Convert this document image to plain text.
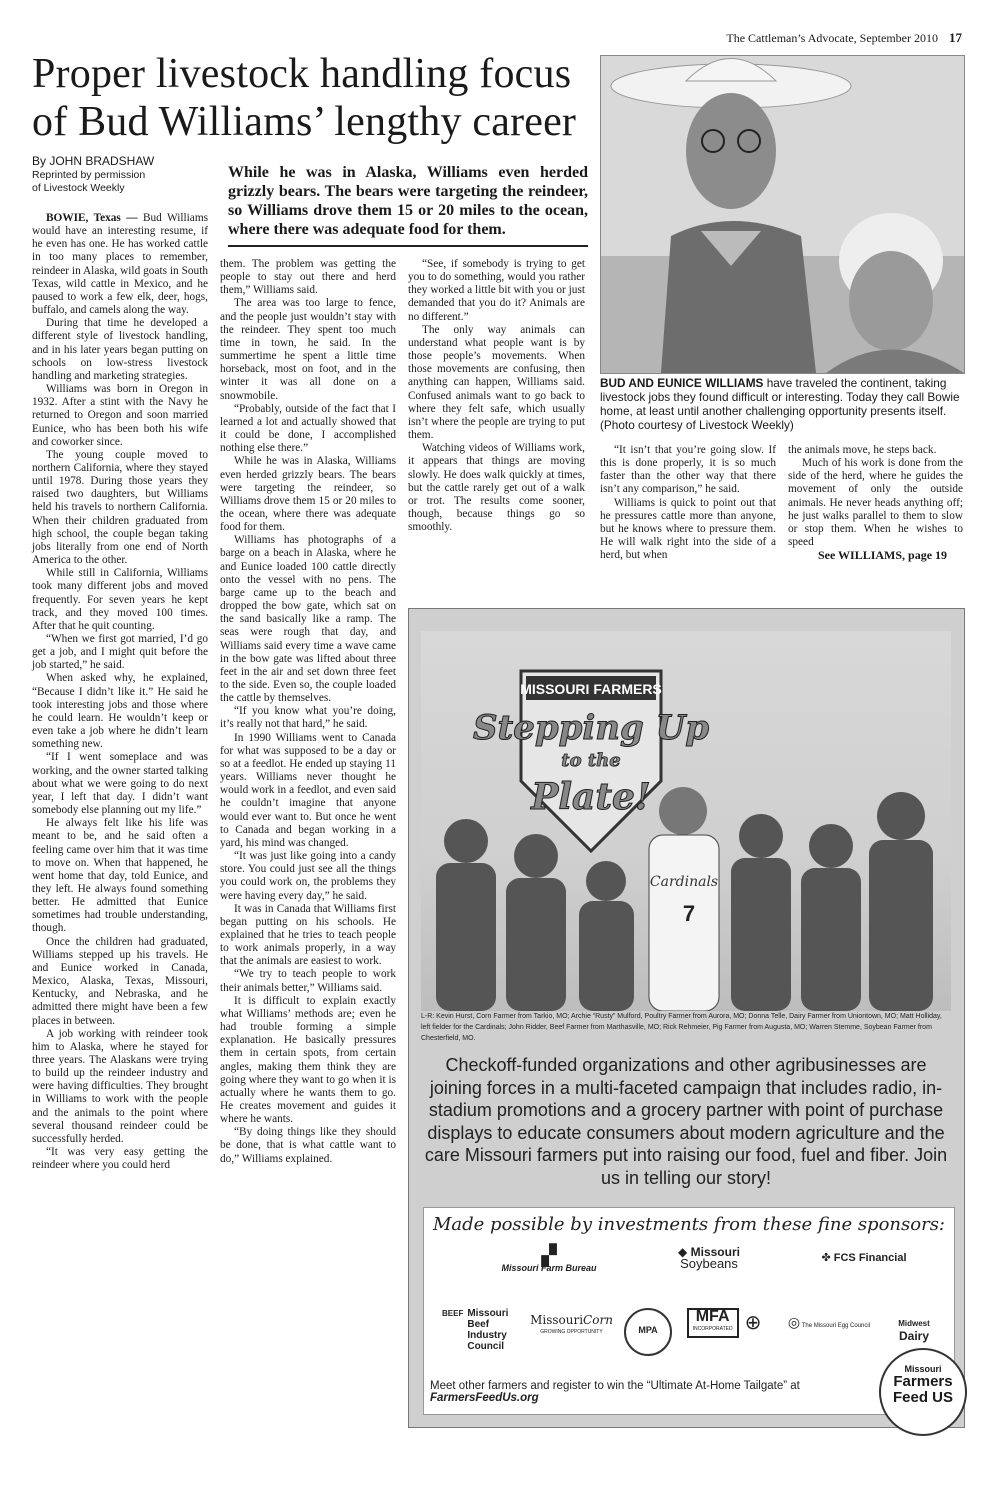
The Cattleman’s Advocate, September 2010 17
Proper livestock handling focus
of Bud Williams’ lengthy career
By JOHN BRADSHAW
Reprinted by permission
of Livestock Weekly
While he was in Alaska, Williams even herded grizzly bears. The bears were targeting the reindeer, so Williams drove them 15 or 20 miles to the ocean, where there was adequate food for them.

BOWIE, Texas — Bud Williams would have an interesting resume, if he even has one. He has worked cattle in too many places to remember, reindeer in Alaska, wild goats in South Texas, wild cattle in Mexico, and he paused to work a few elk, deer, hogs, buffalo, and camels along the way.

During that time he developed a different style of livestock handling, and in his later years began putting on schools on low-stress livestock handling and marketing strategies.

Williams was born in Oregon in 1932. After a stint with the Navy he returned to Oregon and soon married Eunice, who has been both his wife and coworker since.

The young couple moved to northern California, where they stayed until 1978. During those years they raised two daughters, but Williams held his travels to northern California. When their children graduated from high school, the couple began taking jobs literally from one end of North America to the other.

While still in California, Williams took many different jobs and moved frequently. For seven years he kept track, and they moved 100 times. After that he quit counting.

“When we first got married, I’d go get a job, and I might quit before the job started,” he said.

When asked why, he explained, “Because I didn’t like it.” He said he took interesting jobs and those where he could learn. He wouldn’t keep or even take a job where he didn’t learn something new.

“If I went someplace and was working, and the owner started talking about what we were going to do next year, I left that day. I didn’t want somebody else planning out my life.”

He always felt like his life was meant to be, and he said often a feeling came over him that it was time to move on. When that happened, he went home that day, told Eunice, and they left. He always found something better. He admitted that Eunice sometimes had trouble understanding, though.

Once the children had graduated, Williams stepped up his travels. He and Eunice worked in Canada, Mexico, Alaska, Texas, Missouri, Kentucky, and Nebraska, and he admitted there might have been a few places in between.

A job working with reindeer took him to Alaska, where he stayed for three years. The Alaskans were trying to build up the reindeer industry and were having difficulties. They brought in Williams to work with the people and the animals to the point where several thousand reindeer could be successfully herded.

“It was very easy getting the reindeer where you could herd

them. The problem was getting the people to stay out there and herd them,” Williams said.

The area was too large to fence, and the people just wouldn’t stay with the reindeer. They spent too much time in town, he said. In the summertime he spent a little time horseback, most on foot, and in the winter it was all done on a snowmobile.

“Probably, outside of the fact that I learned a lot and actually showed that it could be done, I accomplished nothing else there.”

While he was in Alaska, Williams even herded grizzly bears. The bears were targeting the reindeer, so Williams drove them 15 or 20 miles to the ocean, where there was adequate food for them.

Williams has photographs of a barge on a beach in Alaska, where he and Eunice loaded 100 cattle directly onto the vessel with no pens. The barge came up to the beach and dropped the bow gate, which sat on the sand basically like a ramp. The seas were rough that day, and Williams said every time a wave came in the bow gate was lifted about three feet in the air and set down three feet to the side. Even so, the couple loaded the cattle by themselves.

“If you know what you’re doing, it’s really not that hard,” he said.

In 1990 Williams went to Canada for what was supposed to be a day or so at a feedlot. He ended up staying 11 years. Williams never thought he would work in a feedlot, and even said he couldn’t imagine that anyone would ever want to. But once he went to Canada and began working in a yard, his mind was changed.

“It was just like going into a candy store. You could just see all the things you could work on, the problems they were having every day,” he said.

It was in Canada that Williams first began putting on his schools. He explained that he tries to teach people to work animals properly, in a way that the animals are easiest to work.

“We try to teach people to work their animals better,” Williams said.

It is difficult to explain exactly what Williams’ methods are; even he had trouble forming a simple explanation. He basically pressures them in certain spots, from certain angles, making them think they are going where they want to go when it is actually where he wants them to go. He creates movement and guides it where he wants.

“By doing things like they should be done, that is what cattle want to do,” Williams explained.

“See, if somebody is trying to get you to do something, would you rather they worked a little bit with you or just demanded that you do it? Animals are no different.”

The only way animals can understand what people want is by those people’s movements. When those movements are confusing, then anything can happen, Williams said. Confused animals want to go back to where they felt safe, which usually isn’t where the people are trying to put them.

Watching videos of Williams work, it appears that things are moving slowly. He does walk quickly at times, but the cattle rarely get out of a walk or trot. The results come sooner, though, because things go so smoothly.

BUD AND EUNICE WILLIAMS have traveled the continent, taking livestock jobs they found difficult or interesting. Today they call Bowie home, at least until another challenging opportunity presents itself. (Photo courtesy of Livestock Weekly)

“It isn’t that you’re going slow. If this is done properly, it is so much faster than the other way that there isn’t any comparison,” he said.

Williams is quick to point out that he pressures cattle more than anyone, but he knows where to pressure them. He will walk right into the side of a herd, but when

the animals move, he steps back.

Much of his work is done from the side of the herd, where he guides the movement of only the outside animals. He never heads anything off; he just walks parallel to them to slow or stop them. When he wishes to speed

See WILLIAMS, page 19

MISSOURI FARMERS
Stepping Up
to the
Plate!
Cardinals
7
L-R: Kevin Hurst, Corn Farmer from Tarkio, MO; Archie “Rusty” Mulford, Poultry Farmer from Aurora, MO; Donna Telle, Dairy Farmer from Uniontown, MO; Matt Holliday, left fielder for the Cardinals; John Ridder, Beef Farmer from Marthasville, MO; Rick Rehmeier, Pig Farmer from Augusta, MO; Warren Stemme, Soybean Farmer from Chesterfield, MO.
Checkoff-funded organizations and other agribusinesses are joining forces in a multi-faceted campaign that includes radio, in-stadium promotions and a grocery partner with point of purchase displays to educate consumers about modern agriculture and the care Missouri farmers put into raising our food, fuel and fiber. Join us in telling our story!
Made possible by investments from these fine sponsors:
▞
Missouri Farm Bureau
◆ Missouri
Soybeans	✤ FCS Financial
BEEF Missouri
Beef
Industry
Council
MissouriCorn
GROWING OPPORTUNITY	MPA
MFA
INCORPORATED ⊕	◎ The Missouri Egg Council	Midwest
Dairy
Meet other farmers and register to win the “Ultimate At-Home Tailgate” at FarmersFeedUs.org
Missouri
Farmers
Feed US
